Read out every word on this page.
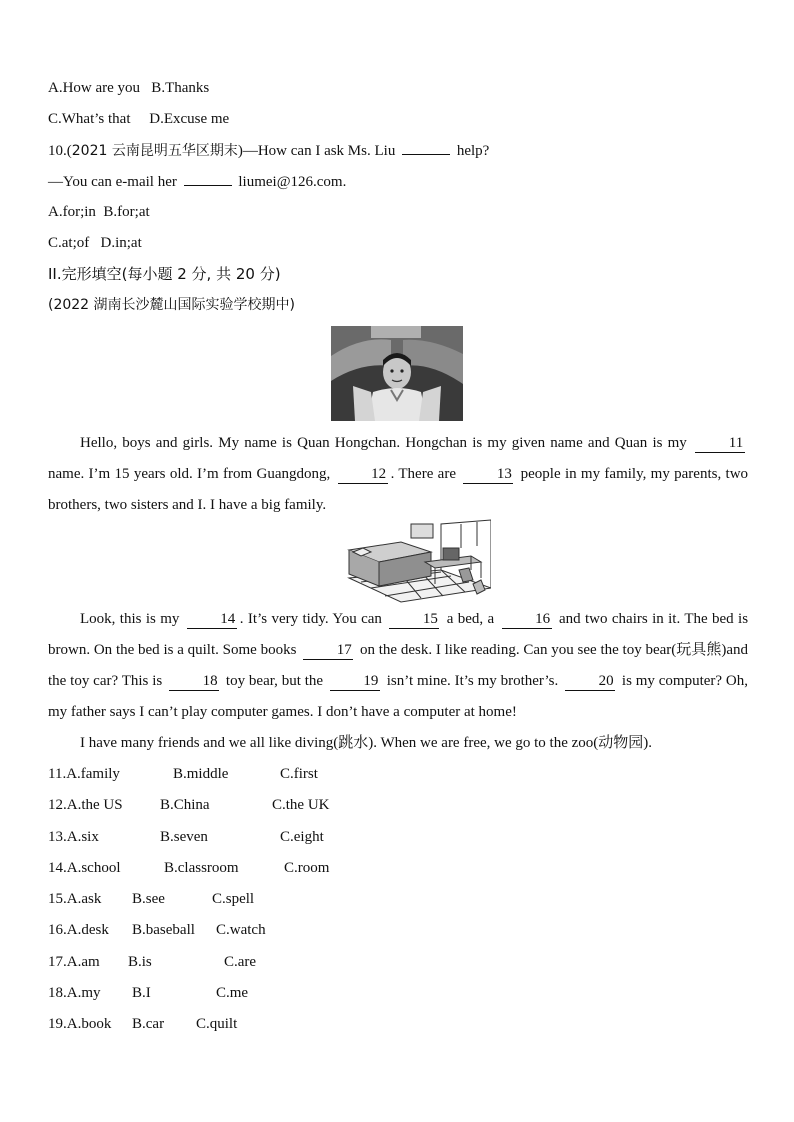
A.How are you   B.Thanks
C.What’s that     D.Excuse me
10.(2021 云南昆明五华区期末)—How can I ask Ms. Liu	help?
—You can e-mail her	liumei@126.com.
A.for;in  B.for;at
C.at;of   D.in;at
II.完形填空(每小题 2 分, 共 20 分)
(2022 湖南长沙麓山国际实验学校期中)
Hello, boys and girls. My name is Quan Hongchan. Hongchan is my given name and Quan is my	11 name. I’m 15 years old. I’m from Guangdong,	12 . There are	13 people in my family, my parents, two brothers, two sisters and I. I have a big family.
Look, this is my	14 . It’s very tidy. You can	15 a bed, a	16 and two chairs in it. The bed is brown. On the bed is a quilt. Some books	17 on the desk. I like reading. Can you see the toy bear(玩具熊)and the toy car? This is	18 toy bear, but the	19 isn’t mine. It’s my brother’s.	20 is my computer? Oh, my father says I can’t play computer games. I don’t have a computer at home!
I have many friends and we all like diving(跳水). When we are free, we go to the zoo(动物园).
11.A.family	B.middle	C.first
12.A.the US B.China	C.the UK
13.A.six	B.seven	C.eight
14.A.school	B.classroom	C.room
15.A.ask B.see	C.spell
16.A.desk B.baseball C.watch
17.A.am B.is	C.are
18.A.my B.I	C.me
19.A.book B.car C.quilt
